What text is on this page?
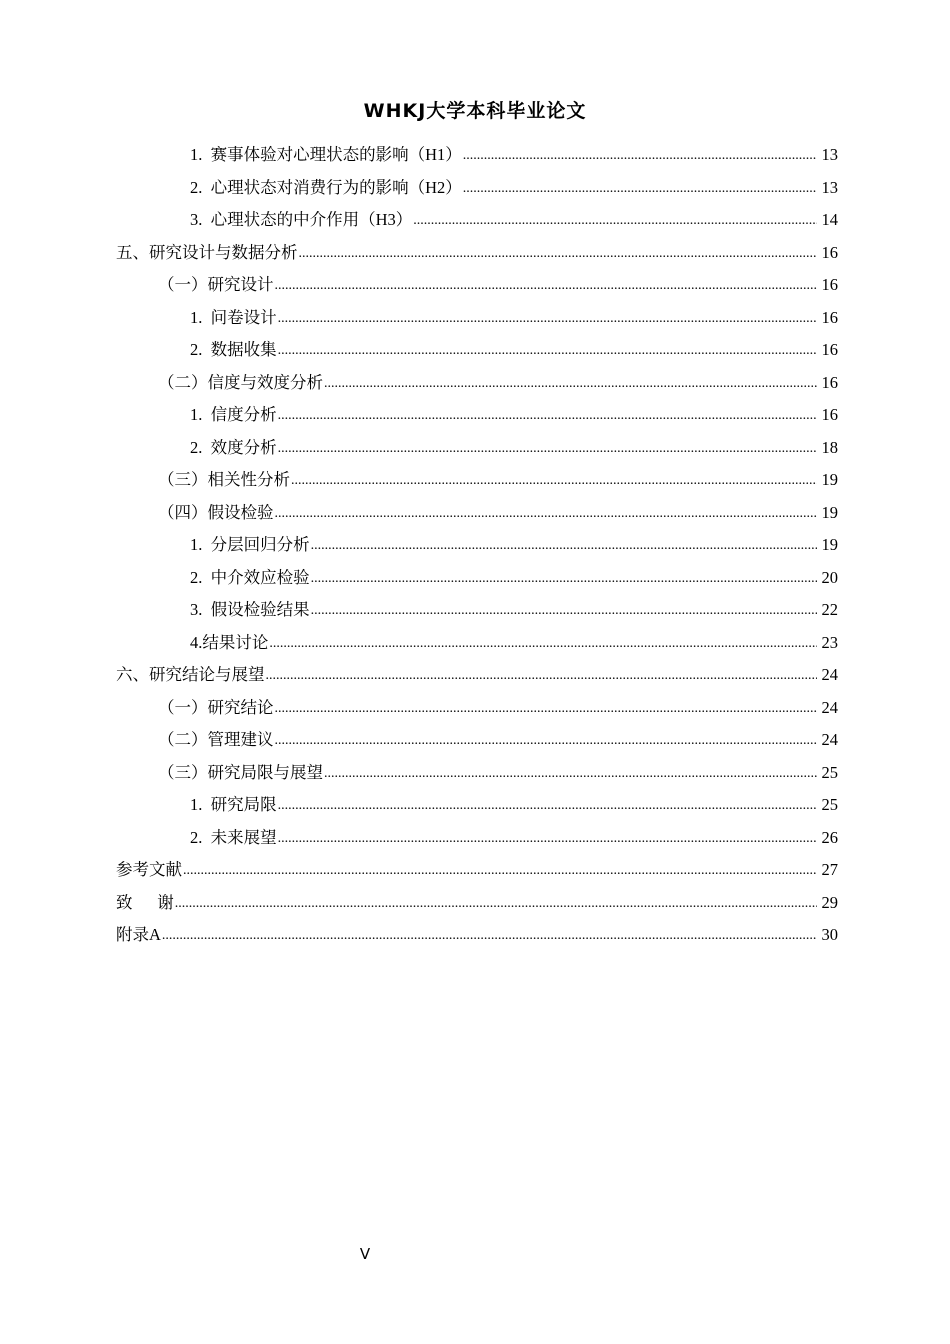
WHKJ大学本科毕业论文
1.  赛事体验对心理状态的影响（H1） .....	13
2.  心理状态对消费行为的影响（H2） .....	13
3.  心理状态的中介作用（H3） .....	14
五、研究设计与数据分析 .....	16
（一）研究设计 .....	16
1.  问卷设计 .....	16
2.  数据收集 .....	16
（二）信度与效度分析 .....	16
1.  信度分析 .....	16
2.  效度分析 .....	18
（三）相关性分析 .....	19
（四）假设检验 .....	19
1.  分层回归分析 .....	19
2.  中介效应检验 .....	20
3.  假设检验结果 .....	22
4.结果讨论 .....	23
六、研究结论与展望 .....	24
（一）研究结论 .....	24
（二）管理建议 .....	24
（三）研究局限与展望 .....	25
1.  研究局限 .....	25
2.  未来展望 .....	26
参考文献 .....	27
致      谢 .....	29
附录A .....	30
V
